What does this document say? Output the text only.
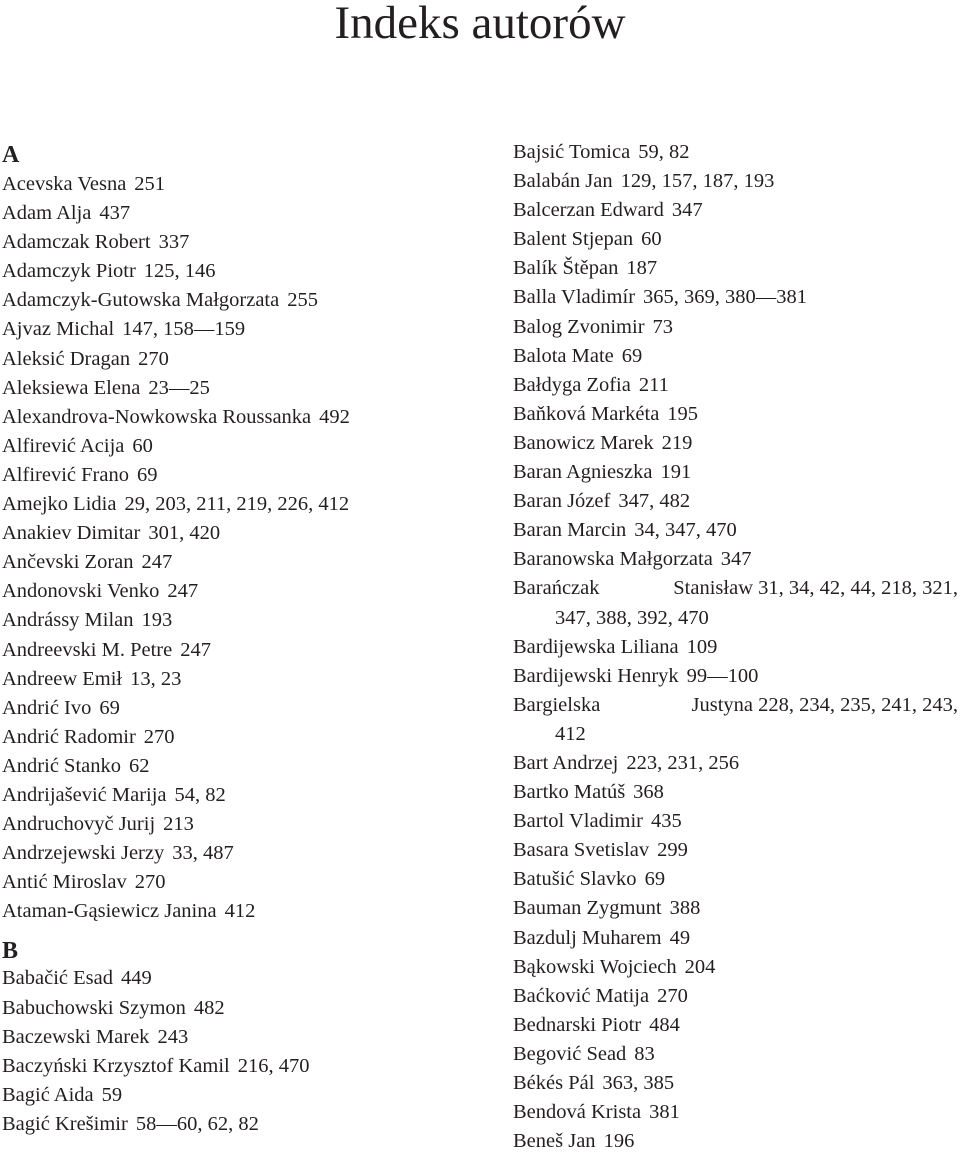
Indeks autorów
A
Acevska Vesna 251
Adam Alja 437
Adamczak Robert 337
Adamczyk Piotr 125, 146
Adamczyk-Gutowska Małgorzata 255
Ajvaz Michal 147, 158—159
Aleksić Dragan 270
Aleksiewa Elena 23—25
Alexandrova-Nowkowska Roussanka 492
Alfirević Acija 60
Alfirević Frano 69
Amejko Lidia 29, 203, 211, 219, 226, 412
Anakiev Dimitar 301, 420
Ančevski Zoran 247
Andonovski Venko 247
Andrássy Milan 193
Andreevski M. Petre 247
Andreew Emił 13, 23
Andrić Ivo 69
Andrić Radomir 270
Andrić Stanko 62
Andrijašević Marija 54, 82
Andruchovyč Jurij 213
Andrzejewski Jerzy 33, 487
Antić Miroslav 270
Ataman-Gąsiewicz Janina 412
B
Babačić Esad 449
Babuchowski Szymon 482
Baczewski Marek 243
Baczyński Krzysztof Kamil 216, 470
Bagić Aida 59
Bagić Krešimir 58—60, 62, 82
Bajsić Tomica 59, 82
Balabán Jan 129, 157, 187, 193
Balcerzan Edward 347
Balent Stjepan 60
Balík Štěpan 187
Balla Vladimír 365, 369, 380—381
Balog Zvonimir 73
Balota Mate 69
Bałdyga Zofia 211
Baňková Markéta 195
Banowicz Marek 219
Baran Agnieszka 191
Baran Józef 347, 482
Baran Marcin 34, 347, 470
Baranowska Małgorzata 347
Barańczak	Stanisław 31, 34, 42, 44, 218, 321,
347, 388, 392, 470
Bardijewska Liliana 109
Bardijewski Henryk 99—100
Bargielska	Justyna 228, 234, 235, 241, 243,
412
Bart Andrzej 223, 231, 256
Bartko Matúš 368
Bartol Vladimir 435
Basara Svetislav 299
Batušić Slavko 69
Bauman Zygmunt 388
Bazdulj Muharem 49
Bąkowski Wojciech 204
Baćković Matija 270
Bednarski Piotr 484
Begović Sead 83
Békés Pál 363, 385
Bendová Krista 381
Beneš Jan 196
